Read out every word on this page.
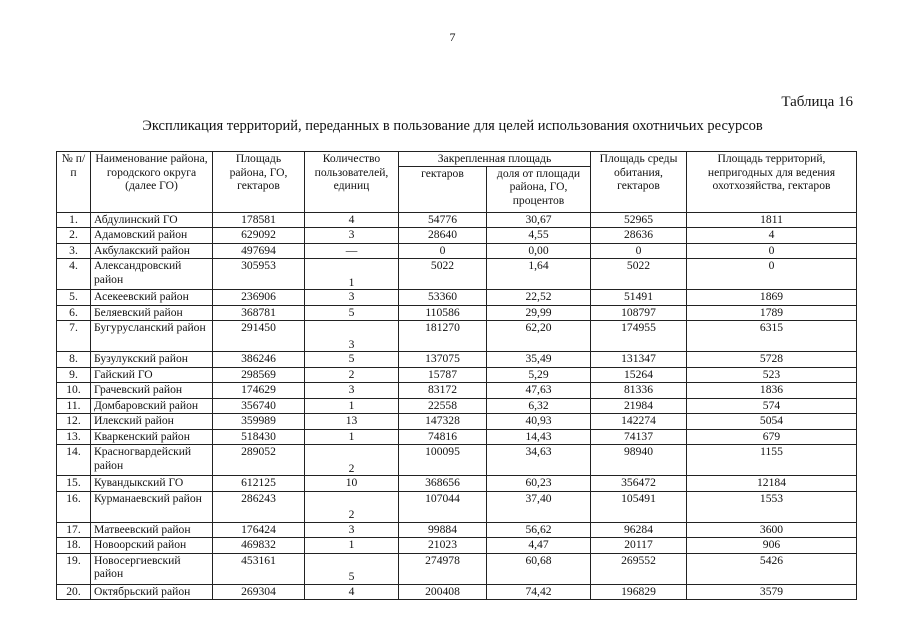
7
Таблица 16
Экспликация территорий, переданных в пользование для целей использования охотничьих ресурсов
№ п/п	Наименование района, городского округа (далее ГО)	Площадь района, ГО, гектаров	Количество пользователей, единиц	Закрепленная площадь		Площадь среды обитания, гектаров	Площадь территорий, непригодных для ведения охотхозяйства, гектаров
				гектаров	доля от площади района, ГО, процентов		
1.	Абдулинский ГО	178581	4	54776	30,67	52965	1811
2.	Адамовский район	629092	3	28640	4,55	28636	4
3.	Акбулакский район	497694	—	0	0,00	0	0
4.	Александровский район	305953	1	5022	1,64	5022	0
5.	Асекеевский район	236906	3	53360	22,52	51491	1869
6.	Беляевский район	368781	5	110586	29,99	108797	1789
7.	Бугурусланский район	291450	3	181270	62,20	174955	6315
8.	Бузулукский район	386246	5	137075	35,49	131347	5728
9.	Гайский ГО	298569	2	15787	5,29	15264	523
10.	Грачевский район	174629	3	83172	47,63	81336	1836
11.	Домбаровский район	356740	1	22558	6,32	21984	574
12.	Илекский район	359989	13	147328	40,93	142274	5054
13.	Кваркенский район	518430	1	74816	14,43	74137	679
14.	Красногвардейский район	289052	2	100095	34,63	98940	1155
15.	Кувандыкский ГО	612125	10	368656	60,23	356472	12184
16.	Курманаевский район	286243	2	107044	37,40	105491	1553
17.	Матвеевский район	176424	3	99884	56,62	96284	3600
18.	Новоорский район	469832	1	21023	4,47	20117	906
19.	Новосергиевский район	453161	5	274978	60,68	269552	5426
20.	Октябрьский район	269304	4	200408	74,42	196829	3579
